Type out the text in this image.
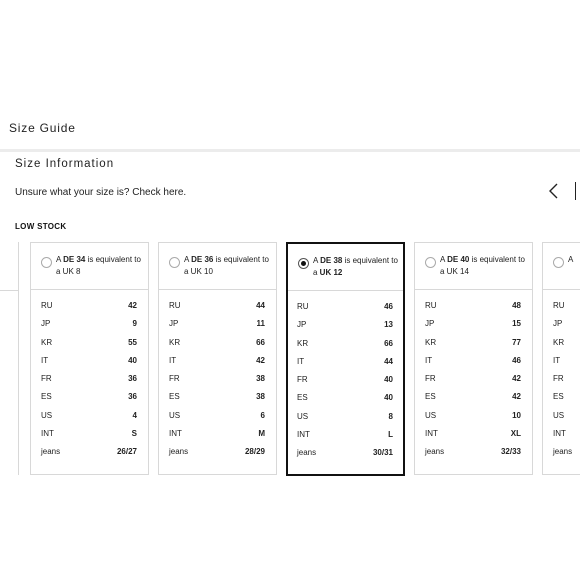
Size Guide
Size Information
Unsure what your size is? Check here.
LOW STOCK
A DE 34 is equivalent to a UK 8
RU	42
JP	9
KR	55
IT	40
FR	36
ES	36
US	4
INT	S
jeans	26/27
A DE 36 is equivalent to a UK 10
RU	44
JP	11
KR	66
IT	42
FR	38
ES	38
US	6
INT	M
jeans	28/29
A DE 38 is equivalent to a UK 12
RU	46
JP	13
KR	66
IT	44
FR	40
ES	40
US	8
INT	L
jeans	30/31
A DE 40 is equivalent to a UK 14
RU	48
JP	15
KR	77
IT	46
FR	42
ES	42
US	10
INT	XL
jeans	32/33
A
RU
JP
KR
IT
FR
ES
US
INT
jeans
